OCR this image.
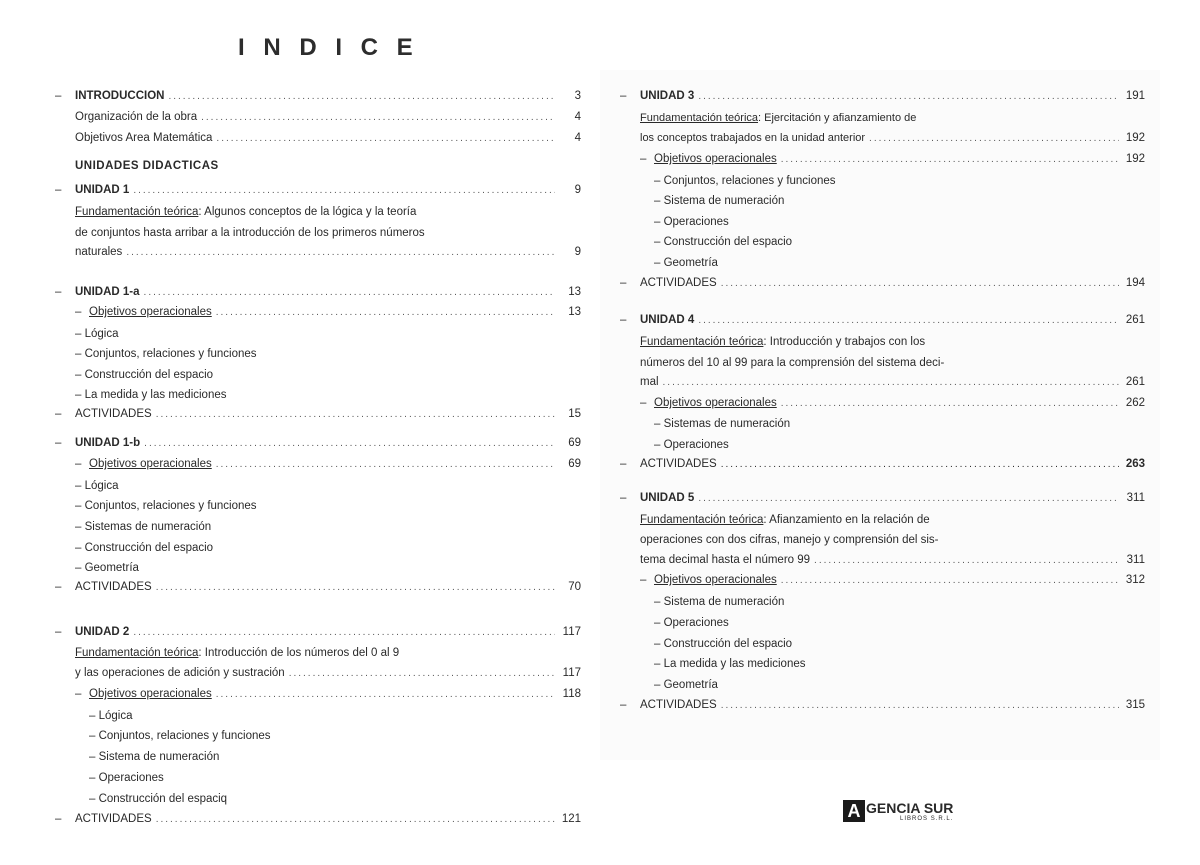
I N D I C E
–	INTRODUCCION .....	3
Organización de la obra .....	4
Objetivos Area Matemática .....	4
UNIDADES DIDACTICAS
–	UNIDAD 1 .....	9
Fundamentación teórica: Algunos conceptos de la lógica y la teoría
de conjuntos hasta arribar a la introducción de los primeros números
naturales .....	9
–	UNIDAD 1-a .....	13
– Objetivos operacionales .....	13
– Lógica
– Conjuntos, relaciones y funciones
– Construcción del espacio
– La medida y las mediciones
–	ACTIVIDADES .....	15
–	UNIDAD 1-b .....	69
– Objetivos operacionales .....	69
– Lógica
– Conjuntos, relaciones y funciones
– Sistemas de numeración
– Construcción del espacio
– Geometría
–	ACTIVIDADES .....	70
–	UNIDAD 2 .....	117
Fundamentación teórica: Introducción de los números del 0 al 9
y las operaciones de adición y sustración .....	117
– Objetivos operacionales .....	118
– Lógica
– Conjuntos, relaciones y funciones
– Sistema de numeración
– Operaciones
– Construcción del espaciq
–	ACTIVIDADES .....	121
–	UNIDAD 3 .....	191
Fundamentación teórica: Ejercitación y afianzamiento de
los conceptos trabajados en la unidad anterior .....	192
– Objetivos operacionales .....	192
– Conjuntos, relaciones y funciones
– Sistema de numeración
– Operaciones
– Construcción del espacio
– Geometría
–	ACTIVIDADES .....	194
–	UNIDAD 4 .....	261
Fundamentación teórica: Introducción y trabajos con los
números del 10 al 99 para la comprensión del sistema deci-
mal .....	261
– Objetivos operacionales .....	262
– Sistemas de numeración
– Operaciones
–	ACTIVIDADES .....	263
–	UNIDAD 5 .....	311
Fundamentación teórica: Afianzamiento en la relación de
operaciones con dos cifras, manejo y comprensión del sis-
tema decimal hasta el número 99 .....	311
– Objetivos operacionales .....	312
– Sistema de numeración
– Operaciones
– Construcción del espacio
– La medida y las mediciones
– Geometría
–	ACTIVIDADES .....	315
A GENCIA SUR
LIBROS S.R.L.
